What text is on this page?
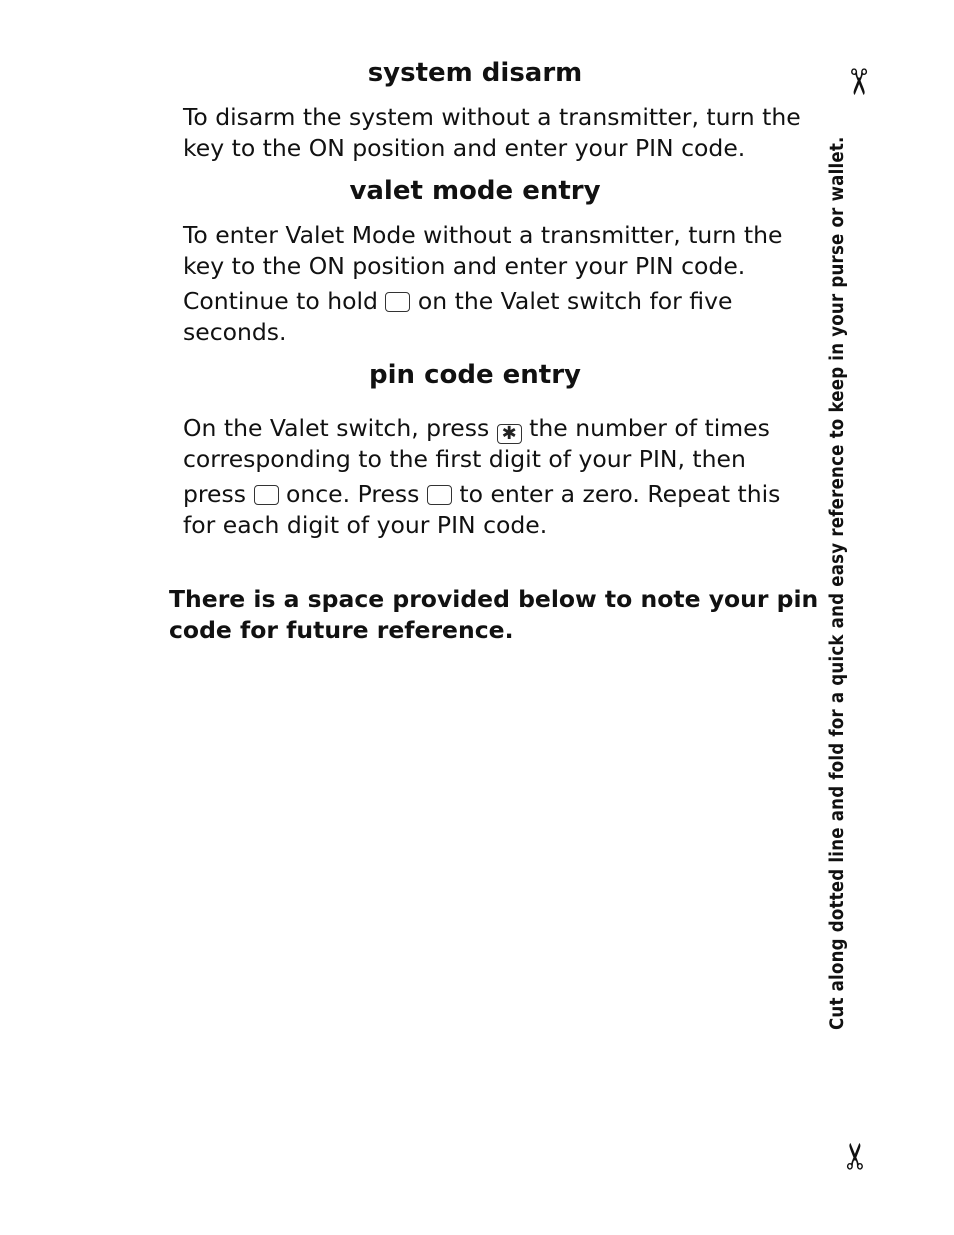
system disarm

To disarm the system without a transmitter, turn the
key to the ON position and enter your PIN code.

valet mode entry

To enter Valet Mode without a transmitter, turn the
key to the ON position and enter your PIN code.
Continue to hold on the Valet switch for five
seconds.

pin code entry

On the Valet switch, press ✱ the number of times
corresponding to the first digit of your PIN, then
press once. Press to enter a zero. Repeat this
for each digit of your PIN code.

There is a space provided below to note your pin
code for future reference.	Cut along dotted line and fold for a quick and easy reference to keep in your purse or wallet.
✂
✂
